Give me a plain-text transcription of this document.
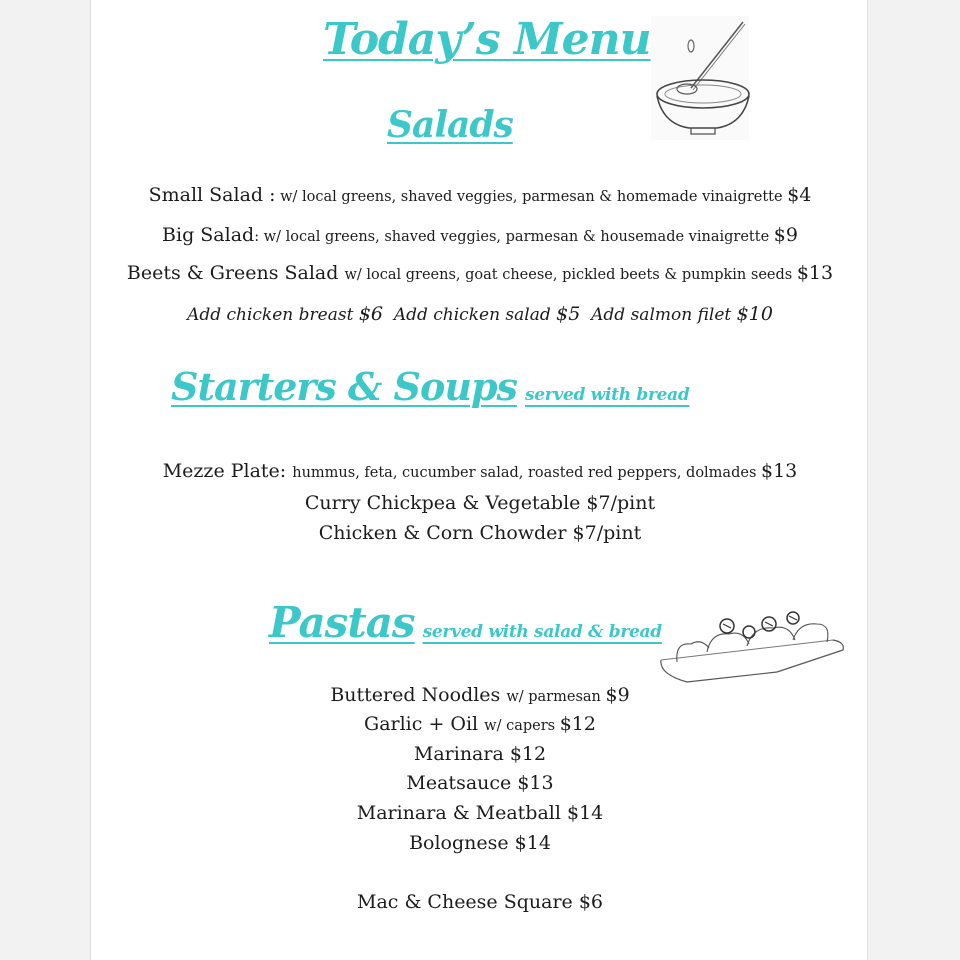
Today’s Menu
Salads
Small Salad : w/ local greens, shaved veggies, parmesan & homemade vinaigrette $4
Big Salad: w/ local greens, shaved veggies, parmesan & housemade vinaigrette $9
Beets & Greens Salad w/ local greens, goat cheese, pickled beets & pumpkin seeds $13
Add chicken breast $6 Add chicken salad $5 Add salmon filet $10
Starters & Soups served with bread
Mezze Plate: hummus, feta, cucumber salad, roasted red peppers, dolmades $13
Curry Chickpea & Vegetable $7/pint
Chicken & Corn Chowder $7/pint
Pastas served with salad & bread
Buttered Noodles w/ parmesan $9
Garlic + Oil w/ capers $12
Marinara $12
Meatsauce $13
Marinara & Meatball $14
Bolognese $14
Mac & Cheese Square $6
